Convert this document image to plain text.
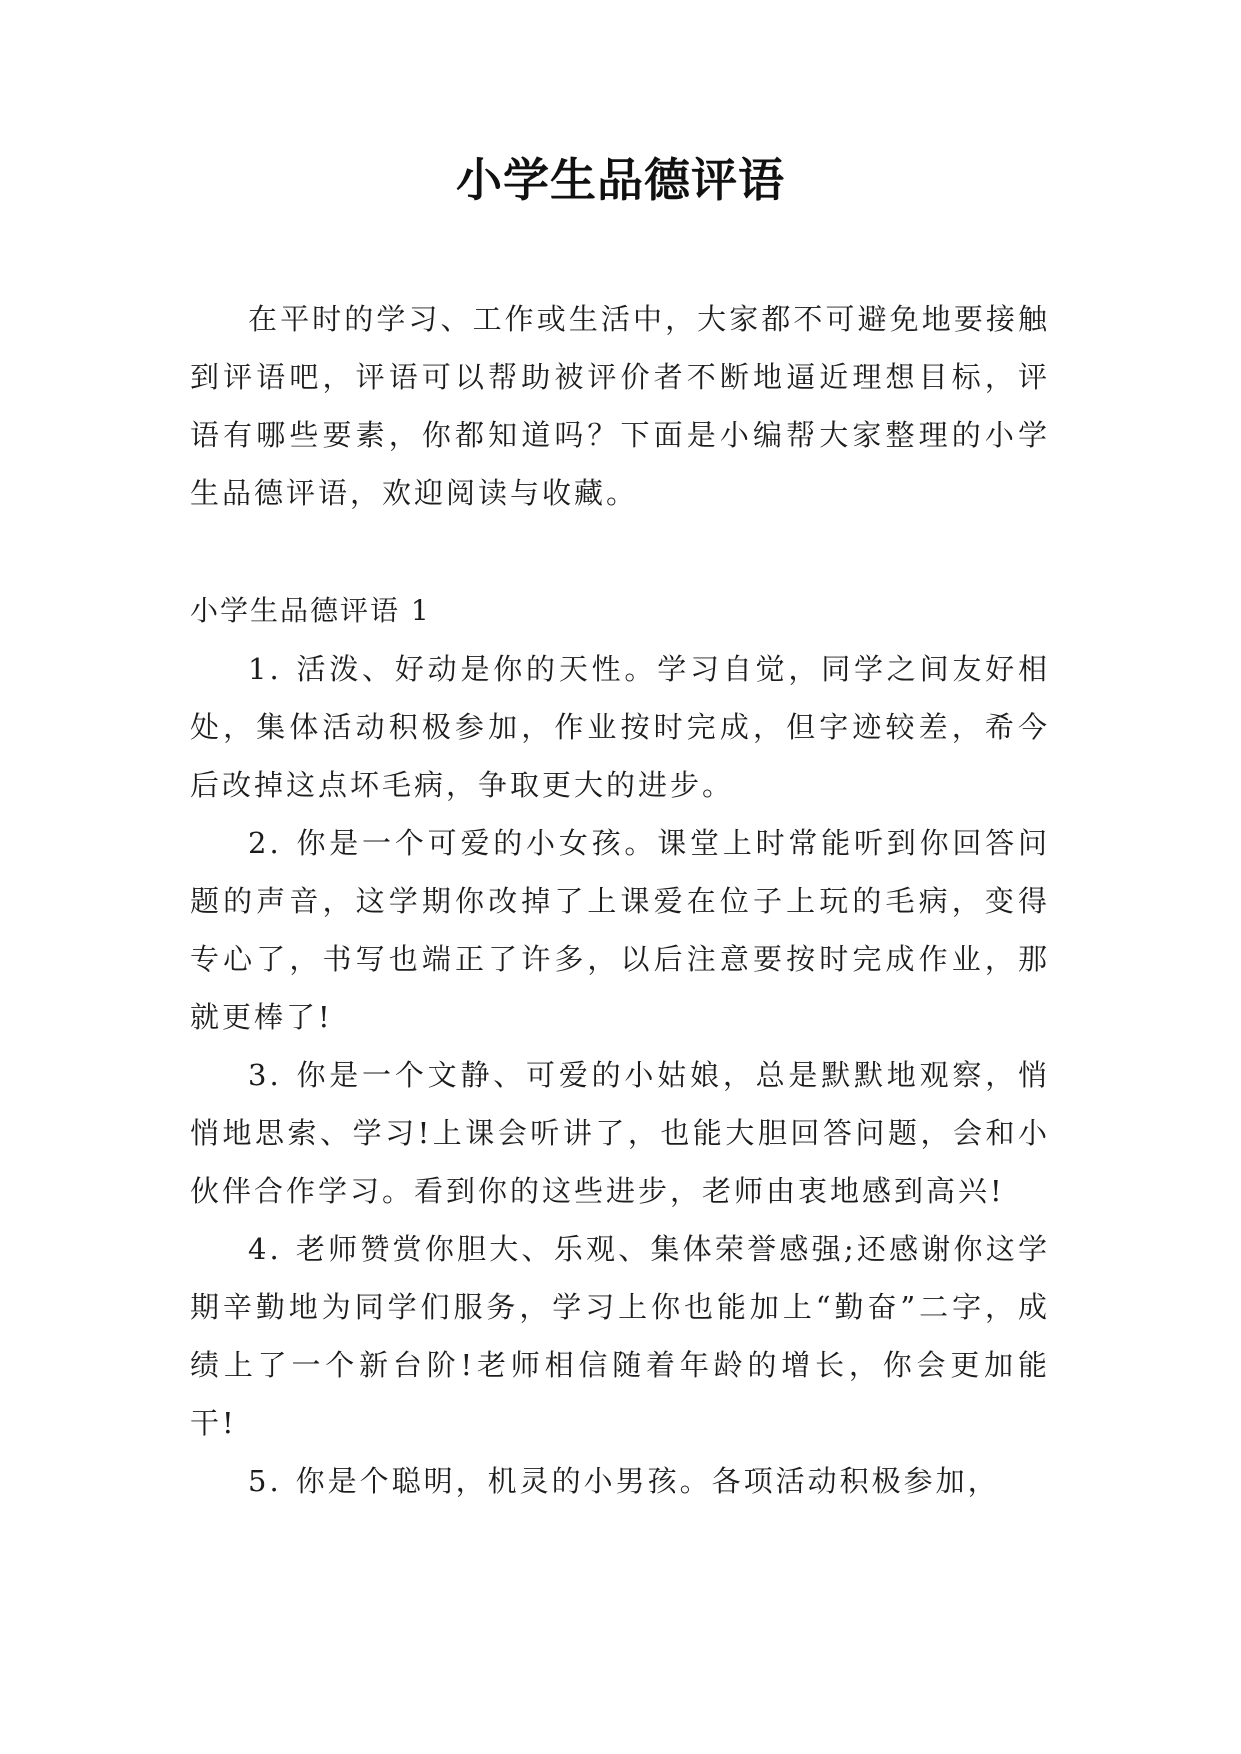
小学生品德评语

在平时的学习、工作或生活中，大家都不可避免地要接触到评语吧，评语可以帮助被评价者不断地逼近理想目标，评语有哪些要素，你都知道吗？下面是小编帮大家整理的小学生品德评语，欢迎阅读与收藏。

小学生品德评语 1

1. 活泼、好动是你的天性。学习自觉，同学之间友好相处，集体活动积极参加，作业按时完成，但字迹较差，希今后改掉这点坏毛病，争取更大的进步。

2. 你是一个可爱的小女孩。课堂上时常能听到你回答问题的声音，这学期你改掉了上课爱在位子上玩的毛病，变得专心了，书写也端正了许多，以后注意要按时完成作业，那就更棒了!

3. 你是一个文静、可爱的小姑娘，总是默默地观察，悄悄地思索、学习!上课会听讲了，也能大胆回答问题，会和小伙伴合作学习。看到你的这些进步，老师由衷地感到高兴!

4. 老师赞赏你胆大、乐观、集体荣誉感强;还感谢你这学期辛勤地为同学们服务，学习上你也能加上“勤奋”二字，成绩上了一个新台阶!老师相信随着年龄的增长，你会更加能干!

5. 你是个聪明，机灵的小男孩。各项活动积极参加，
